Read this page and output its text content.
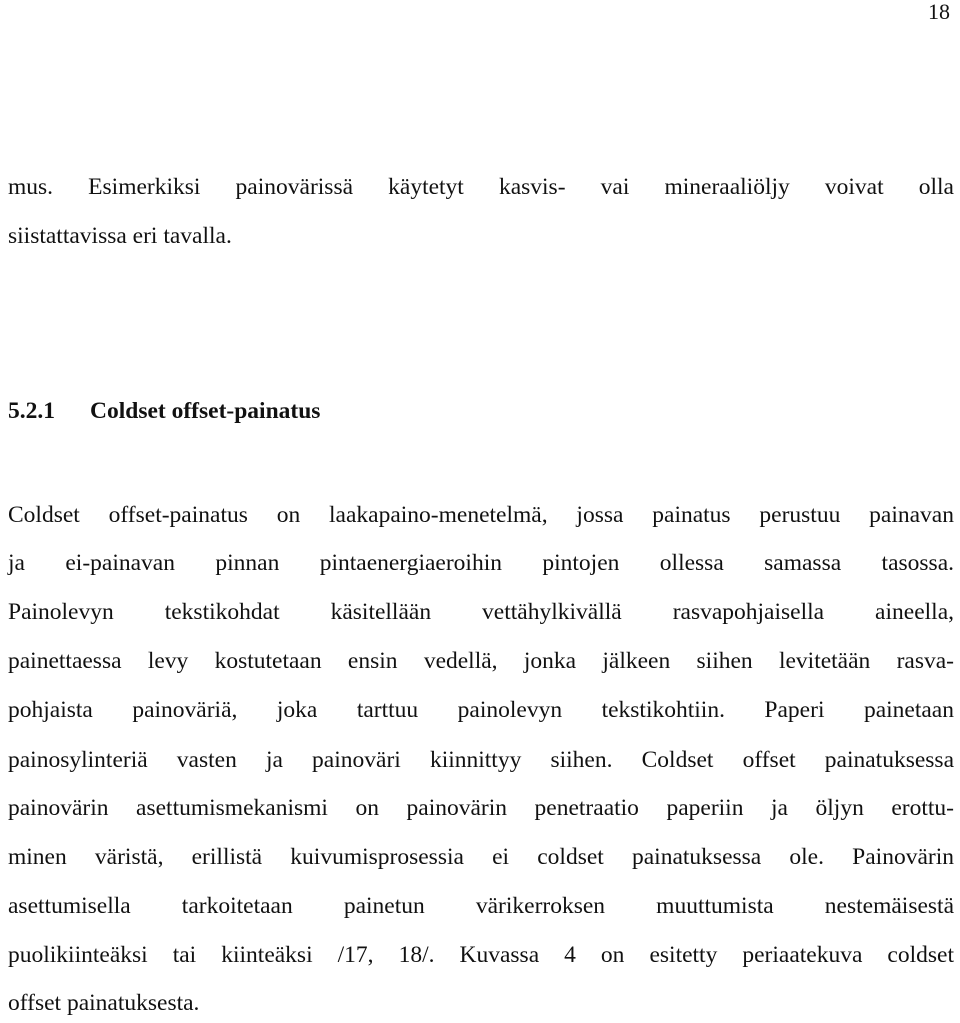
18
mus. Esimerkiksi painovärissä käytetyt kasvis- vai mineraaliöljy voivat olla
siistattavissa eri tavalla.
5.2.1 Coldset offset-painatus
Coldset offset-painatus on laakapaino-menetelmä, jossa painatus perustuu painavan
ja ei-painavan pinnan pintaenergiaeroihin pintojen ollessa samassa tasossa.
Painolevyn tekstikohdat käsitellään vettähylkivällä rasvapohjaisella aineella,
painettaessa levy kostutetaan ensin vedellä, jonka jälkeen siihen levitetään rasva-
pohjaista painoväriä, joka tarttuu painolevyn tekstikohtiin. Paperi painetaan
painosylinteriä vasten ja painoväri kiinnittyy siihen. Coldset offset painatuksessa
painovärin asettumismekanismi on painovärin penetraatio paperiin ja öljyn erottu-
minen väristä, erillistä kuivumisprosessia ei coldset painatuksessa ole. Painovärin
asettumisella tarkoitetaan painetun värikerroksen muuttumista nestemäisestä
puolikiinteäksi tai kiinteäksi /17, 18/. Kuvassa 4 on esitetty periaatekuva coldset
offset painatuksesta.
